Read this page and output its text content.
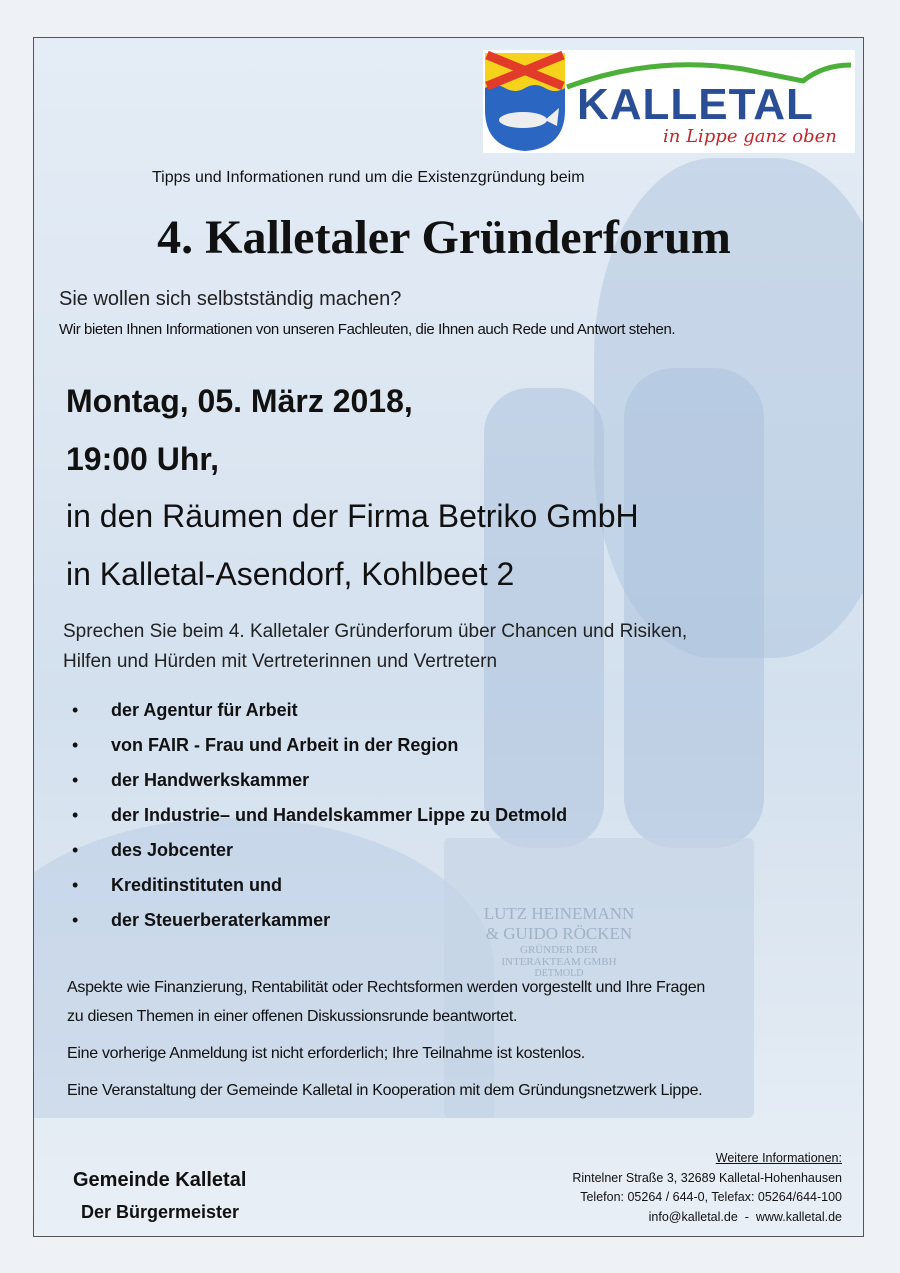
LUTZ HEINEMANN
& GUIDO RÖCKEN
GRÜNDER DER
INTERAKTEAM GMBH
DETMOLD
KALLETAL
in Lippe ganz oben
Tipps und Informationen rund um die Existenzgründung beim
4. Kalletaler Gründerforum
Sie wollen sich selbstständig machen?
Wir bieten Ihnen Informationen von unseren Fachleuten, die Ihnen auch Rede und Antwort stehen.
Montag, 05. März 2018,
19:00 Uhr,
in den Räumen der Firma Betriko GmbH
in Kalletal-Asendorf, Kohlbeet 2
Sprechen Sie beim 4. Kalletaler Gründerforum über Chancen und Risiken,
Hilfen und Hürden mit Vertreterinnen und Vertretern
• der Agentur für Arbeit
• von FAIR - Frau und Arbeit in der Region
• der Handwerkskammer
• der Industrie– und Handelskammer Lippe zu Detmold
• des Jobcenter
• Kreditinstituten und
• der Steuerberaterkammer
Aspekte wie Finanzierung, Rentabilität oder Rechtsformen werden vorgestellt und Ihre Fragen
zu diesen Themen in einer offenen Diskussionsrunde beantwortet.
Eine vorherige Anmeldung ist nicht erforderlich; Ihre Teilnahme ist kostenlos.
Eine Veranstaltung der Gemeinde Kalletal in Kooperation mit dem Gründungsnetzwerk Lippe.
Gemeinde Kalletal
Der Bürgermeister
Weitere Informationen:
Rintelner Straße 3, 32689 Kalletal-Hohenhausen
Telefon: 05264 / 644-0, Telefax: 05264/644-100
info@kalletal.de  -  www.kalletal.de
